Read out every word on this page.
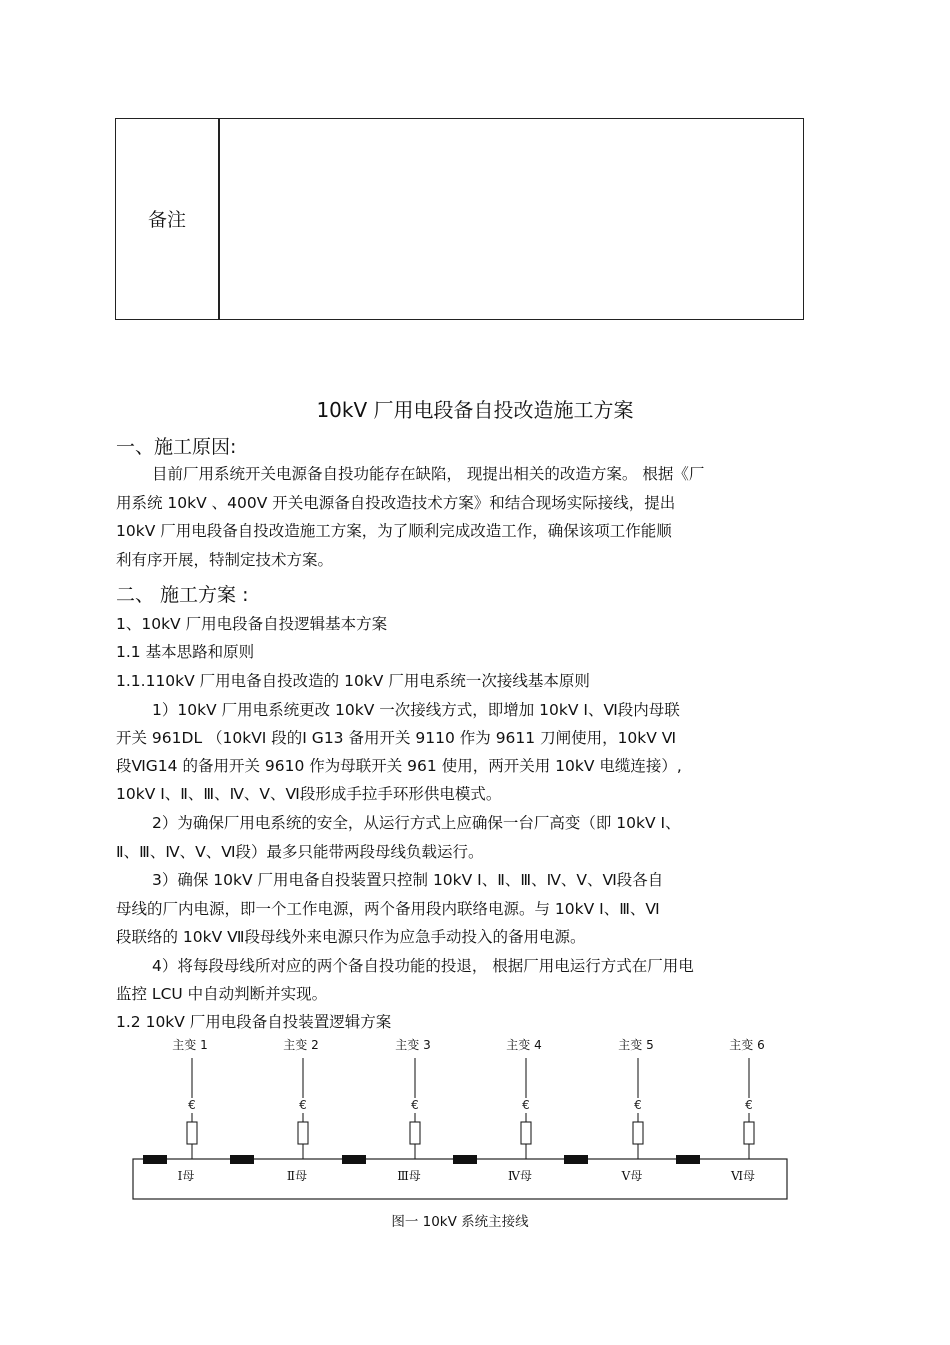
备注
10kV 厂用电段备自投改造施工方案
一、施工原因:
目前厂用系统开关电源备自投功能存在缺陷， 现提出相关的改造方案。 根据《厂
用系统 10kV 、400V 开关电源备自投改造技术方案》和结合现场实际接线，提出
10kV 厂用电段备自投改造施工方案，为了顺利完成改造工作，确保该项工作能顺
利有序开展，特制定技术方案。
二、 施工方案 :
1、10kV 厂用电段备自投逻辑基本方案
1.1 基本思路和原则
1.1.110kV 厂用电备自投改造的 10kV 厂用电系统一次接线基本原则
1）10kV 厂用电系统更改 10kV 一次接线方式，即增加 10kV Ⅰ、Ⅵ段内母联
开关 961DL （10kVⅠ 段的Ⅰ G13 备用开关 9110 作为 9611 刀闸使用，10kV Ⅵ
段ⅥG14 的备用开关 9610 作为母联开关 961 使用，两开关用 10kV 电缆连接）,
10kV Ⅰ、Ⅱ、Ⅲ、Ⅳ、Ⅴ、Ⅵ段形成手拉手环形供电模式。
2）为确保厂用电系统的安全，从运行方式上应确保一台厂高变（即 10kV Ⅰ、
Ⅱ、Ⅲ、Ⅳ、Ⅴ、Ⅵ段）最多只能带两段母线负载运行。
3）确保 10kV 厂用电备自投装置只控制 10kV Ⅰ、Ⅱ、Ⅲ、Ⅳ、Ⅴ、Ⅵ段各自
母线的厂内电源，即一个工作电源，两个备用段内联络电源。与 10kV Ⅰ、Ⅲ、Ⅵ
段联络的 10kV Ⅶ段母线外来电源只作为应急手动投入的备用电源。
4）将每段母线所对应的两个备自投功能的投退， 根据厂用电运行方式在厂用电
监控 LCU 中自动判断并实现。
1.2 10kV 厂用电段备自投装置逻辑方案
主变 1
€
Ⅰ母
主变 2
€
Ⅱ母
主变 3
€
Ⅲ母
主变 4
€
Ⅳ母
主变 5
€
Ⅴ母
主变 6
€
Ⅵ母
图一 10kV 系统主接线
